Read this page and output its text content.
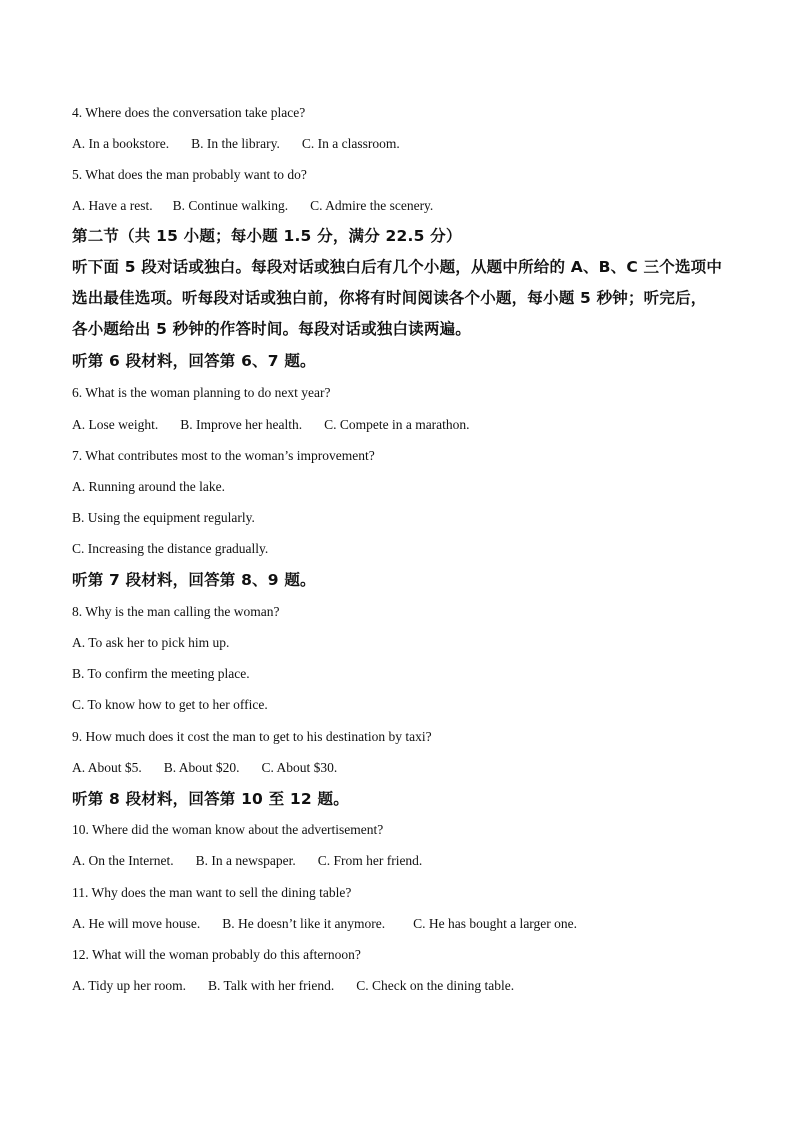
4. Where does the conversation take place?
A. In a bookstore. B. In the library. C. In a classroom.
5. What does the man probably want to do?
A. Have a rest. B. Continue walking. C. Admire the scenery.
第二节（共 15 小题；每小题 1.5 分，满分 22.5 分）
听下面 5 段对话或独白。每段对话或独白后有几个小题，从题中所给的 A、B、C 三个选项中
选出最佳选项。听每段对话或独白前，你将有时间阅读各个小题，每小题 5 秒钟；听完后，
各小题给出 5 秒钟的作答时间。每段对话或独白读两遍。
听第 6 段材料，回答第 6、7 题。
6. What is the woman planning to do next year?
A. Lose weight. B. Improve her health. C. Compete in a marathon.
7. What contributes most to the woman’s improvement?
A. Running around the lake.
B. Using the equipment regularly.
C. Increasing the distance gradually.
听第 7 段材料，回答第 8、9 题。
8. Why is the man calling the woman?
A. To ask her to pick him up.
B. To confirm the meeting place.
C. To know how to get to her office.
9. How much does it cost the man to get to his destination by taxi?
A. About $5. B. About $20. C. About $30.
听第 8 段材料，回答第 10 至 12 题。
10. Where did the woman know about the advertisement?
A. On the Internet. B. In a newspaper. C. From her friend.
11. Why does the man want to sell the dining table?
A. He will move house. B. He doesn’t like it anymore. C. He has bought a larger one.
12. What will the woman probably do this afternoon?
A. Tidy up her room. B. Talk with her friend. C. Check on the dining table.
